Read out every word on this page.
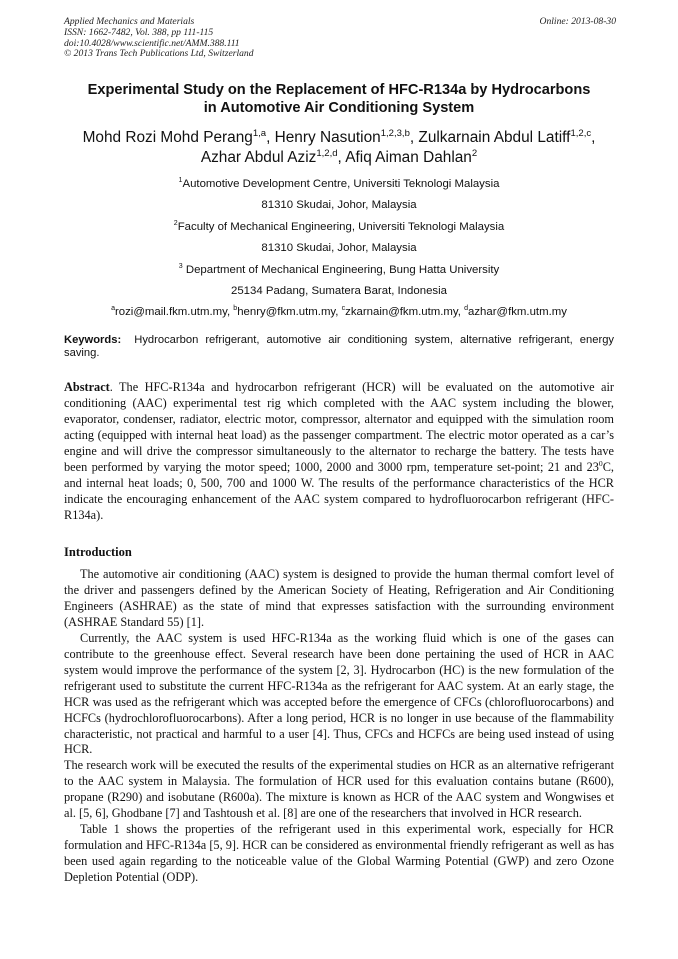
Applied Mechanics and Materials
ISSN: 1662-7482, Vol. 388, pp 111-115
doi:10.4028/www.scientific.net/AMM.388.111
© 2013 Trans Tech Publications Ltd, Switzerland
Online: 2013-08-30
Experimental Study on the Replacement of HFC-R134a by Hydrocarbons
in Automotive Air Conditioning System
Mohd Rozi Mohd Perang$^{1,a}$, Henry Nasution$^{1,2,3,b}$, Zulkarnain Abdul Latiff$^{1,2,c}$,
Azhar Abdul Aziz$^{1,2,d}$, Afiq Aiman Dahlan$^2$
$^1$Automotive Development Centre, Universiti Teknologi Malaysia
81310 Skudai, Johor, Malaysia
$^2$Faculty of Mechanical Engineering, Universiti Teknologi Malaysia
81310 Skudai, Johor, Malaysia
$^3$ Department of Mechanical Engineering, Bung Hatta University
25134 Padang, Sumatera Barat, Indonesia
$^a$rozi@mail.fkm.utm.my, $^b$henry@fkm.utm.my, $^c$zkarnain@fkm.utm.my, $^d$azhar@fkm.utm.my
Keywords: Hydrocarbon refrigerant, automotive air conditioning system, alternative refrigerant, energy saving.
Abstract. The HFC-R134a and hydrocarbon refrigerant (HCR) will be evaluated on the automotive air conditioning (AAC) experimental test rig which completed with the AAC system including the blower, evaporator, condenser, radiator, electric motor, compressor, alternator and equipped with the simulation room acting (equipped with internal heat load) as the passenger compartment. The electric motor operated as a car’s engine and will drive the compressor simultaneously to the alternator to recharge the battery. The tests have been performed by varying the motor speed; 1000, 2000 and 3000 rpm, temperature set-point; 21 and $23^0C$, and internal heat loads; 0, 500, 700 and 1000 W. The results of the performance characteristics of the HCR indicate the encouraging enhancement of the AAC system compared to hydrofluorocarbon refrigerant (HFC-R134a).
Introduction

The automotive air conditioning (AAC) system is designed to provide the human thermal comfort level of the driver and passengers defined by the American Society of Heating, Refrigeration and Air Conditioning Engineers (ASHRAE) as the state of mind that expresses satisfaction with the surrounding environment (ASHRAE Standard 55) [1].

Currently, the AAC system is used HFC-R134a as the working fluid which is one of the gases can contribute to the greenhouse effect. Several research have been done pertaining the used of HCR in AAC system would improve the performance of the system [2, 3]. Hydrocarbon (HC) is the new formulation of the refrigerant used to substitute the current HFC-R134a as the refrigerant for AAC system. At an early stage, the HCR was used as the refrigerant which was accepted before the emergence of CFCs (chlorofluorocarbons) and HCFCs (hydrochlorofluorocarbons). After a long period, HCR is no longer in use because of the flammability characteristic, not practical and harmful to a user [4]. Thus, CFCs and HCFCs are being used instead of using HCR.

The research work will be executed the results of the experimental studies on HCR as an alternative refrigerant to the AAC system in Malaysia. The formulation of HCR used for this evaluation contains butane (R600), propane (R290) and isobutane (R600a). The mixture is known as HCR of the AAC system and Wongwises et al. [5, 6], Ghodbane [7] and Tashtoush et al. [8] are one of the researchers that involved in HCR research.

Table 1 shows the properties of the refrigerant used in this experimental work, especially for HCR formulation and HFC-R134a [5, 9]. HCR can be considered as environmental friendly refrigerant as well as has been used again regarding to the noticeable value of the Global Warming Potential (GWP) and zero Ozone Depletion Potential (ODP).
